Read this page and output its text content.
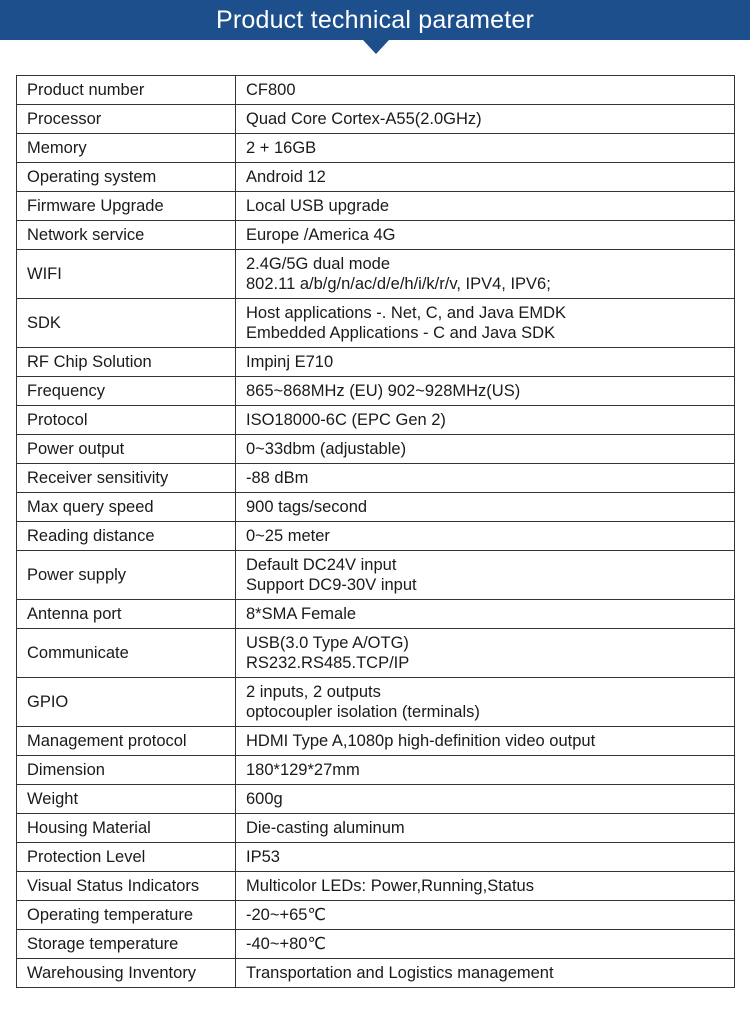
Product technical parameter
Product number	CF800

Processor	Quad Core Cortex-A55(2.0GHz)

Memory	2 + 16GB

Operating system	Android 12

Firmware Upgrade	Local USB upgrade

Network service	Europe /America 4G

WIFI	2.4G/5G dual mode
802.11 a/b/g/n/ac/d/e/h/i/k/r/v, IPV4, IPV6;

SDK	Host applications -. Net, C, and Java EMDK
Embedded Applications - C and Java SDK

RF Chip Solution	Impinj E710

Frequency	865~868MHz (EU) 902~928MHz(US)

Protocol	ISO18000-6C (EPC Gen 2)

Power output	0~33dbm (adjustable)

Receiver sensitivity	-88 dBm

Max query speed	900 tags/second

Reading distance	0~25 meter

Power supply	Default DC24V input
Support DC9-30V input

Antenna port	8*SMA Female

Communicate	USB(3.0 Type A/OTG)
RS232.RS485.TCP/IP

GPIO	2 inputs, 2 outputs
optocoupler isolation (terminals)

Management protocol	HDMI Type A,1080p high-definition video output

Dimension	180*129*27mm

Weight	600g

Housing Material	Die-casting aluminum

Protection Level	IP53

Visual Status Indicators	Multicolor LEDs: Power,Running,Status

Operating temperature	-20~+65℃

Storage temperature	-40~+80℃

Warehousing Inventory	Transportation and Logistics management
